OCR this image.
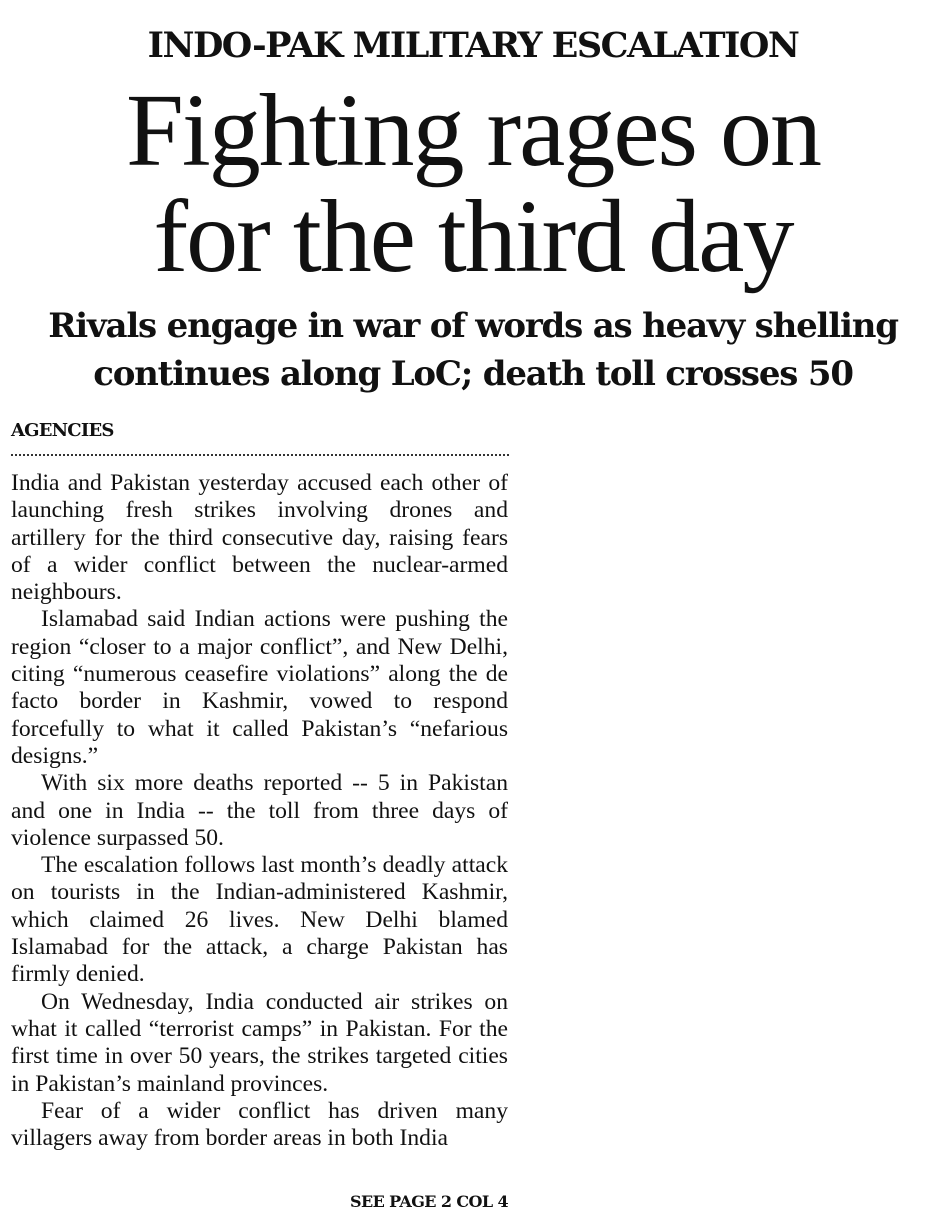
INDO-PAK MILITARY ESCALATION
Fighting rages on
for the third day
Rivals engage in war of words as heavy shelling
continues along LoC; death toll crosses 50
AGENCIES

India and Pakistan yesterday accused each other of launching fresh strikes involving drones and artillery for the third consecutive day, raising fears of a wider conflict between the nuclear-armed neighbours.

Islamabad said Indian actions were pushing the region “closer to a major conflict”, and New Delhi, citing “numerous ceasefire violations” along the de facto border in Kashmir, vowed to respond forcefully to what it called Pakistan’s “nefarious designs.”

With six more deaths reported -- 5 in Pakistan and one in India -- the toll from three days of violence surpassed 50.

The escalation follows last month’s deadly attack on tourists in the Indian-administered Kashmir, which claimed 26 lives. New Delhi blamed Islamabad for the attack, a charge Pakistan has firmly denied.

On Wednesday, India conducted air strikes on what it called “terrorist camps” in Pakistan. For the first time in over 50 years, the strikes targeted cities in Pakistan’s mainland provinces.

Fear of a wider conflict has driven many villagers away from border areas in both India

SEE PAGE 2 COL 4
